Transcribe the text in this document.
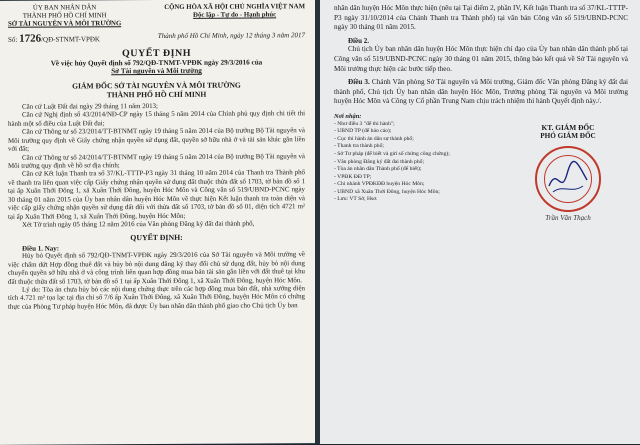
ỦY BAN NHÂN DÂN
THÀNH PHỐ HỒ CHÍ MINH
SỞ TÀI NGUYÊN VÀ MÔI TRƯỜNG
CỘNG HÒA XÃ HỘI CHỦ NGHĨA VIỆT NAM
Độc lập - Tự do - Hạnh phúc
Số: 1726/QĐ-STNMT-VPĐK	Thành phố Hồ Chí Minh, ngày 12 tháng 3 năm 2017
QUYẾT ĐỊNH
Về việc hủy Quyết định số 792/QĐ-TNMT-VPĐK ngày 29/3/2016 của
Sở Tài nguyên và Môi trường
GIÁM ĐỐC SỞ TÀI NGUYÊN VÀ MÔI TRƯỜNG
THÀNH PHỐ HỒ CHÍ MINH

Căn cứ Luật Đất đai ngày 29 tháng 11 năm 2013;

Căn cứ Nghị định số 43/2014/NĐ-CP ngày 15 tháng 5 năm 2014 của Chính phủ quy định chi tiết thi hành một số điều của Luật Đất đai;

Căn cứ Thông tư số 23/2014/TT-BTNMT ngày 19 tháng 5 năm 2014 của Bộ trưởng Bộ Tài nguyên và Môi trường quy định về Giấy chứng nhận quyền sử dụng đất, quyền sở hữu nhà ở và tài sản khác gắn liền với đất;

Căn cứ Thông tư số 24/2014/TT-BTNMT ngày 19 tháng 5 năm 2014 của Bộ trưởng Bộ Tài nguyên và Môi trường quy định về hồ sơ địa chính;

Căn cứ Kết luận Thanh tra số 37/KL-TTTP-P3 ngày 31 tháng 10 năm 2014 của Thanh tra Thành phố về thanh tra liên quan việc cấp Giấy chứng nhận quyền sử dụng đất thuộc thửa đất số 1703, tờ bản đồ số 1 tại ấp Xuân Thới Đông 1, xã Xuân Thới Đông, huyện Hóc Môn và Công văn số 519/UBND-PCNC ngày 30 tháng 01 năm 2015 của Ủy ban nhân dân huyện Hóc Môn về thực hiện Kết luận thanh tra toàn diện và việc cấp giấy chứng nhận quyền sử dụng đất đối với thửa đất số 1703, tờ bản đồ số 01, diện tích 4721 m² tại ấp Xuân Thới Đông 1, xã Xuân Thới Đông, huyện Hóc Môn;

Xét Tờ trình ngày 05 tháng 12 năm 2016 của Văn phòng Đăng ký đất đai thành phố,

QUYẾT ĐỊNH:
Điều 1. Nay:

Hủy bỏ Quyết định số 792/QĐ-TNMT-VPĐK ngày 29/3/2016 của Sở Tài nguyên và Môi trường về việc chấm dứt Hợp đồng thuê đất và hủy bỏ nội dung đăng ký thay đổi chủ sử dụng đất, hủy bỏ nội dung chuyển quyền sở hữu nhà ở và công trình liên quan hợp đồng mua bán tài sản gắn liền với đất thuê tại khu đất thuộc thửa đất số 1703, tờ bản đồ số 1 tại ấp Xuân Thới Đông 1, xã Xuân Thới Đông, huyện Hóc Môn.

Lý do: Tòa án chưa hủy bỏ các nội dung chứng thực trên các hợp đồng mua bán đất, nhà xưởng diện tích 4.721 m² tọa lạc tại địa chỉ số 7/6 ấp Xuân Thới Đông, xã Xuân Thới Đông, huyện Hóc Môn có chứng thực của Phòng Tư pháp huyện Hóc Môn, đã được Ủy ban nhân dân thành phố giao cho Chủ tịch Ủy ban

nhân dân huyện Hóc Môn thực hiện (nêu tại Tại điểm 2, phần IV, Kết luận Thanh tra số 37/KL-TTTP-P3 ngày 31/10/2014 của Chánh Thanh tra Thành phố) tại văn bản Công văn số 519/UBND-PCNC ngày 30 tháng 01 năm 2015.

Điều 2.

Chủ tịch Ủy ban nhân dân huyện Hóc Môn thực hiện chỉ đạo của Ủy ban nhân dân thành phố tại Công văn số 519/UBND-PCNC ngày 30 tháng 01 năm 2015, thông báo kết quả về Sở Tài nguyên và Môi trường thực hiện các bước tiếp theo.

Điều 3. Chánh Văn phòng Sở Tài nguyên và Môi trường, Giám đốc Văn phòng Đăng ký đất đai thành phố, Chủ tịch Ủy ban nhân dân huyện Hóc Môn, Trưởng phòng Tài nguyên và Môi trường huyện Hóc Môn và Công ty Cổ phần Trung Nam chịu trách nhiệm thi hành Quyết định này./.

Nơi nhận:
- Như điều 3 "để thi hành";
- UBND TP (để báo cáo);
- Cục thi hành án dân sự thành phố;
- Thanh tra thành phố;
- Sở Tư pháp (để biết và gửi số chứng công chứng);
- Văn phòng Đăng ký đất đai thành phố;
- Tòa án nhân dân Thành phố (để biết);
- VPĐK ĐĐ TP;
- Chi nhánh VPĐKĐĐ huyện Hóc Môn;
- UBND xã Xuân Thới Đông, huyện Hóc Môn;
- Lưu: VT Sở, Hsơ.
KT. GIÁM ĐỐC
PHÓ GIÁM ĐỐC
Trần Văn Thạch
